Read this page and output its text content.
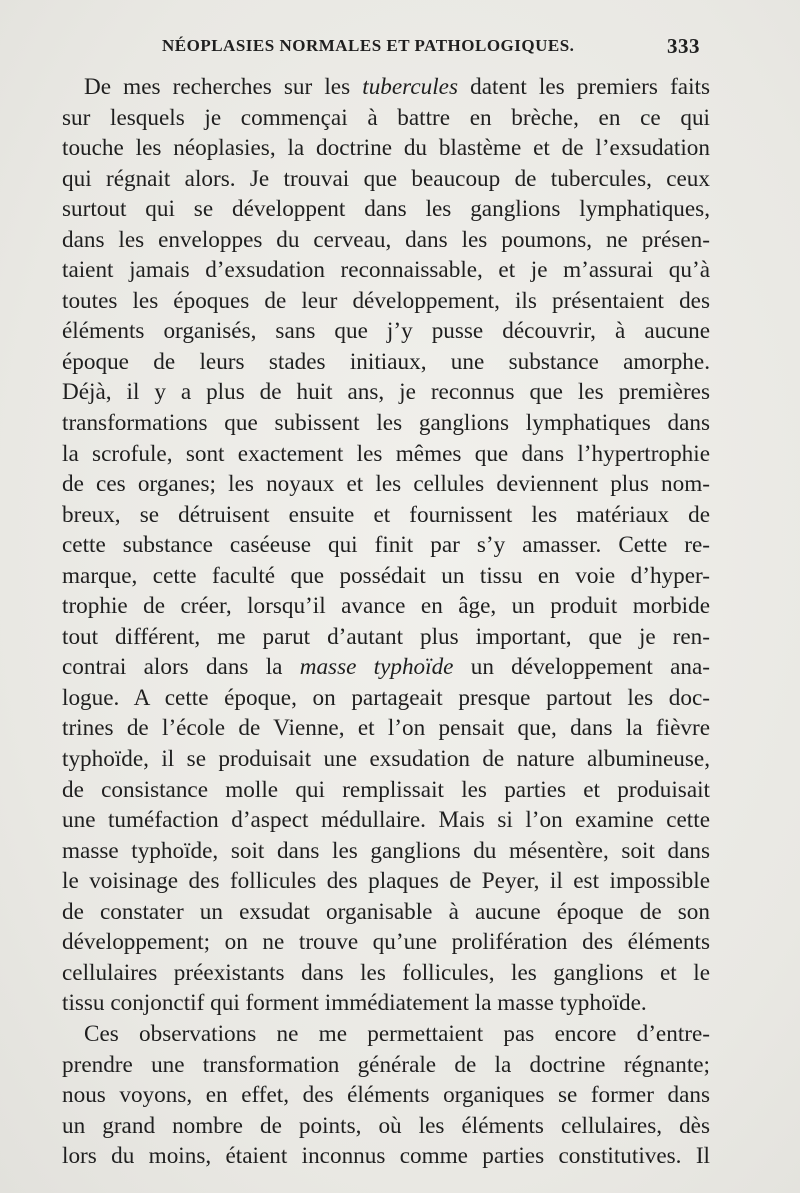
NÉOPLASIES NORMALES ET PATHOLOGIQUES.	333
De mes recherches sur les tubercules datent les premiers faits
sur lesquels je commençai à battre en brèche, en ce qui
touche les néoplasies, la doctrine du blastème et de l’exsudation
qui régnait alors. Je trouvai que beaucoup de tubercules, ceux
surtout qui se développent dans les ganglions lymphatiques,
dans les enveloppes du cerveau, dans les poumons, ne présen-
taient jamais d’exsudation reconnaissable, et je m’assurai qu’à
toutes les époques de leur développement, ils présentaient des
éléments organisés, sans que j’y pusse découvrir, à aucune
époque de leurs stades initiaux, une substance amorphe.
Déjà, il y a plus de huit ans, je reconnus que les premières
transformations que subissent les ganglions lymphatiques dans
la scrofule, sont exactement les mêmes que dans l’hypertrophie
de ces organes; les noyaux et les cellules deviennent plus nom-
breux, se détruisent ensuite et fournissent les matériaux de
cette substance caséeuse qui finit par s’y amasser. Cette re-
marque, cette faculté que possédait un tissu en voie d’hyper-
trophie de créer, lorsqu’il avance en âge, un produit morbide
tout différent, me parut d’autant plus important, que je ren-
contrai alors dans la masse typhoïde un développement ana-
logue. A cette époque, on partageait presque partout les doc-
trines de l’école de Vienne, et l’on pensait que, dans la fièvre
typhoïde, il se produisait une exsudation de nature albumineuse,
de consistance molle qui remplissait les parties et produisait
une tuméfaction d’aspect médullaire. Mais si l’on examine cette
masse typhoïde, soit dans les ganglions du mésentère, soit dans
le voisinage des follicules des plaques de Peyer, il est impossible
de constater un exsudat organisable à aucune époque de son
développement; on ne trouve qu’une prolifération des éléments
cellulaires préexistants dans les follicules, les ganglions et le
tissu conjonctif qui forment immédiatement la masse typhoïde.
Ces observations ne me permettaient pas encore d’entre-
prendre une transformation générale de la doctrine régnante;
nous voyons, en effet, des éléments organiques se former dans
un grand nombre de points, où les éléments cellulaires, dès
lors du moins, étaient inconnus comme parties constitutives. Il
